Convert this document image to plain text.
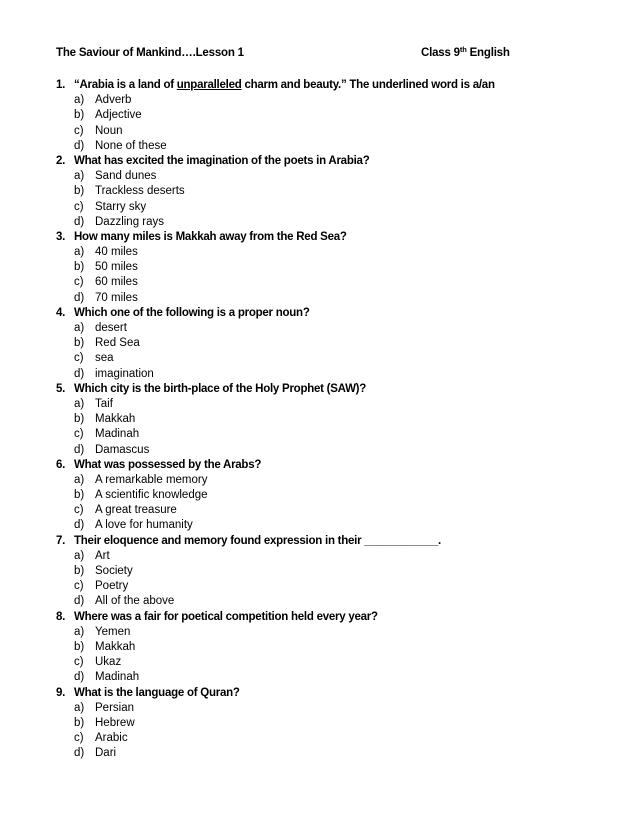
The Saviour of Mankind….Lesson 1	Class 9th English
1. “Arabia is a land of unparalleled charm and beauty.” The underlined word is a/an
a) Adverb
b) Adjective
c) Noun
d) None of these
2. What has excited the imagination of the poets in Arabia?
a) Sand dunes
b) Trackless deserts
c) Starry sky
d) Dazzling rays
3. How many miles is Makkah away from the Red Sea?
a) 40 miles
b) 50 miles
c) 60 miles
d) 70 miles
4. Which one of the following is a proper noun?
a) desert
b) Red Sea
c) sea
d) imagination
5. Which city is the birth-place of the Holy Prophet (SAW)?
a) Taif
b) Makkah
c) Madinah
d) Damascus
6. What was possessed by the Arabs?
a) A remarkable memory
b) A scientific knowledge
c) A great treasure
d) A love for humanity
7. Their eloquence and memory found expression in their ____________.
a) Art
b) Society
c) Poetry
d) All of the above
8. Where was a fair for poetical competition held every year?
a) Yemen
b) Makkah
c) Ukaz
d) Madinah
9. What is the language of Quran?
a) Persian
b) Hebrew
c) Arabic
d) Dari
